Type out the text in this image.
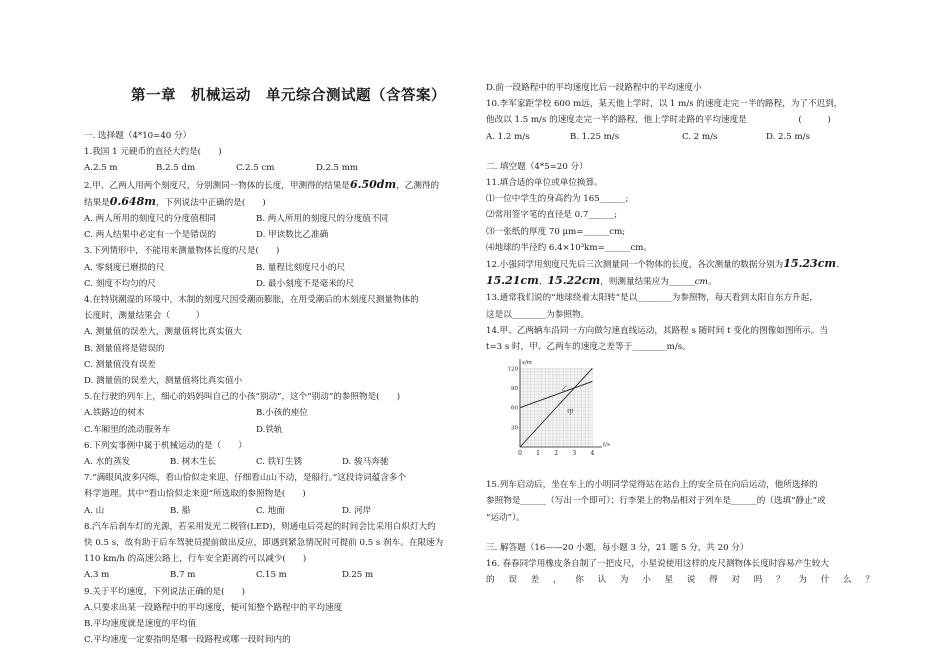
第一章　机械运动　单元综合测试题（含答案）
一. 选择题（4*10=40 分）
1.我国 1 元硬币的直径大约是(　　)
A.2.5 m	B.2.5 dm	C.2.5 cm	D.2.5 mm
2.甲、乙两人用两个刻度尺，分别测同一物体的长度，甲测得的结果是6.50dm，乙测得的
结果是0.648m，下列说法中正确的是(　　)
A. 两人所用的刻度尺的分度值相同	B. 两人所用的刻度尺的分度值不同
C. 两人结果中必定有一个是错误的	D. 甲读数比乙准确
3.下列情形中，不能用来测量物体长度的尺是(　　)
A. 零刻度已磨损的尺	B. 量程比刻度尺小的尺
C. 刻度不均匀的尺	D. 最小刻度不是毫米的尺
4.在特别潮湿的环境中，木制的刻度尺因受潮而膨胀，在用受潮后的木刻度尺测量物体的
长度时，测量结果会（　　　）
A. 测量值的误差大，测量值将比真实值大
B. 测量值将是错误的
C. 测量值没有误差
D. 测量值的误差大，测量值将比真实值小
5.在行驶的列车上，细心的妈妈叫自己的小孩“别动”，这个“别动”的参照物是(　　)
A.铁路边的树木	B.小孩的座位
C.车厢里的流动服务车	D.铁轨
6.下列实事例中属于机械运动的是（　　）
A. 水的蒸发	B. 树木生长	C. 铁钉生锈	D. 骏马奔驰
7.“满眼风波多闪烁，看山恰似走来迎，仔细看山山不动，是船行。”这段诗词蕴含多个
科学道理。其中“看山恰似走来迎”所选取的参照物是(　　)
A. 山	B. 船	C. 地面	D. 河岸
8.汽车后刹车灯的光源，若采用发光二极管(LED)，则通电后亮起的时间会比采用白炽灯大约
快 0.5 s，故有助于后车驾驶员提前做出反应，即遇到紧急情况时可提前 0.5 s 刹车。在限速为
110 km/h 的高速公路上，行车安全距离约可以减少(　　)
A.3 m	B.7 m	C.15 m	D.25 m
9.关于平均速度，下列说法正确的是(　　)
A.只要求出某一段路程中的平均速度，便可知整个路程中的平均速度
B.平均速度就是速度的平均值
C.平均速度一定要指明是哪一段路程或哪一段时间内的
D.前一段路程中的平均速度比后一段路程中的平均速度小
10.李军家距学校 600 m远，某天他上学时，以 1 m/s 的速度走完一半的路程，为了不迟到，
他改以 1.5 m/s 的速度走完一半的路程，他上学时走路的平均速度是　　　　　　(　　　)
A. 1.2 m/s	B. 1.25 m/s	C. 2 m/s	D. 2.5 m/s
二. 填空题（4*5=20 分）
11.填合适的单位或单位换算。
⑴一位中学生的身高约为 165______;
⑵常用签字笔的直径是 0.7______;
⑶一张纸的厚度 70 μm=______cm;
⑷地球的半径约 6.4×10³km=______cm。
12.小强同学用刻度尺先后三次测量同一个物体的长度，各次测量的数据分别为15.23cm、
15.21cm、15.22cm，则测量结果应为______cm。
13.通常我们说的“地球绕着太阳转”是以________为参照物，每天看到太阳自东方升起，
这是以________为参照物。
14.甲、乙两辆车沿同一方向做匀速直线运动，其路程 s 随时间 t 变化的图像如图所示。当
t=3 s 时，甲、乙两车的速度之差等于________m/s。
0 1 2 3 4
30
60
90
120
t/s
s/m
乙
甲
15.列车启动后，坐在车上的小明同学觉得站在站台上的安全员在向后运动，他所选择的
参照物是______（写出一个即可）；行李架上的物品相对于列车是______的（选填“静止”或
“运动”）。
三. 解答题（16——20 小题，每小题 3 分，21 题 5 分，共 20 分）
16. 春春同学用橡皮条自制了一把皮尺，小星说使用这样的皮尺测物体长度时容易产生较大
的 误 差 ， 你 认 为 小 星 说 得 对 吗 ？ 为 什 么 ？
